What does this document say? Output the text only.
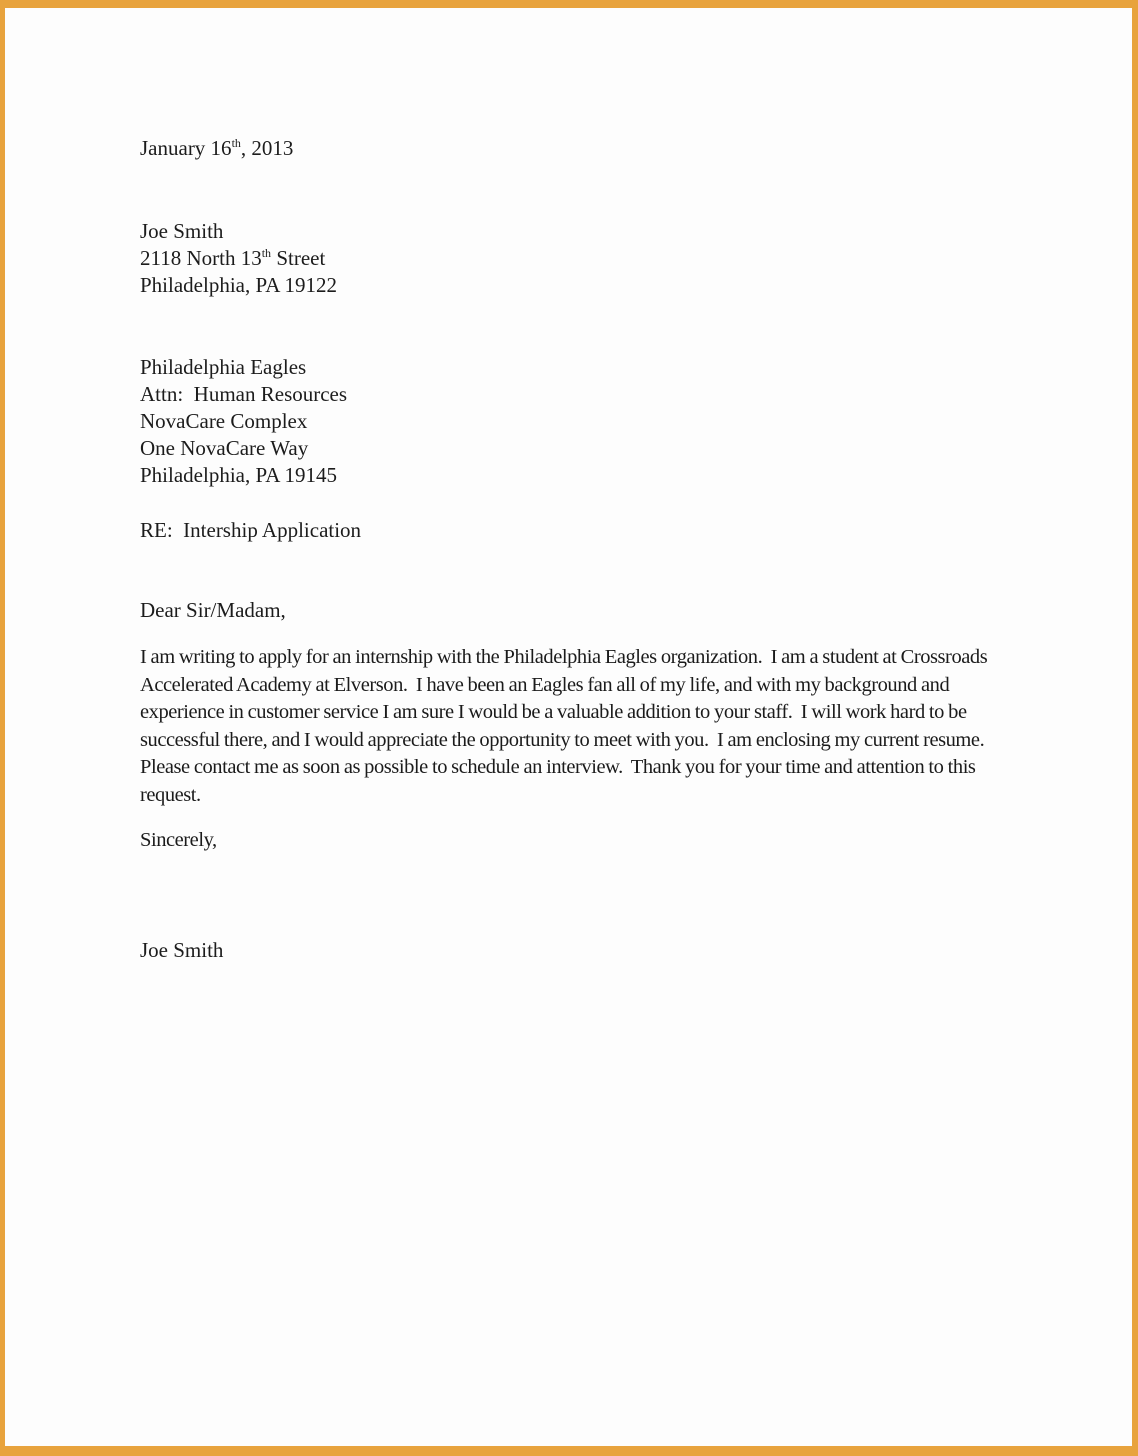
January 16th, 2013
Joe Smith
2118 North 13th Street
Philadelphia, PA 19122
Philadelphia Eagles
Attn:  Human Resources
NovaCare Complex
One NovaCare Way
Philadelphia, PA 19145
RE:  Intership Application
Dear Sir/Madam,
I am writing to apply for an internship with the Philadelphia Eagles organization.  I am a student at Crossroads Accelerated Academy at Elverson.  I have been an Eagles fan all of my life, and with my background and experience in customer service I am sure I would be a valuable addition to your staff.  I will work hard to be successful there, and I would appreciate the opportunity to meet with you.  I am enclosing my current resume.  Please contact me as soon as possible to schedule an interview.  Thank you for your time and attention to this request.
Sincerely,
Joe Smith
